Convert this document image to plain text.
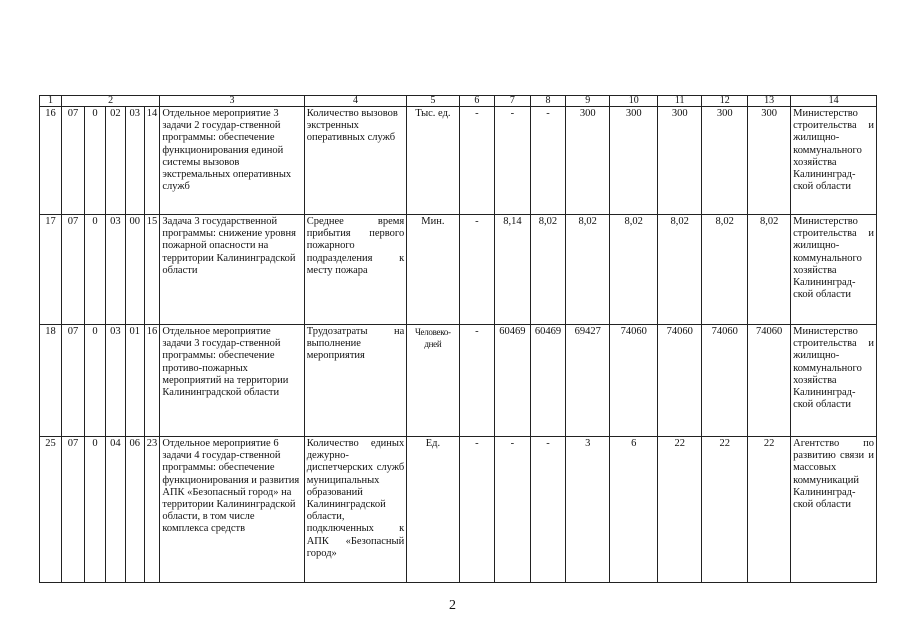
1	2					3	4	5	6	7	8	9	10	11	12	13	14
16	07	0	02	03	14	Отдельное мероприятие 3 задачи 2 государ-ственной программы: обеспечение функционирования единой системы вызовов экстремальных оперативных служб	Количество вызовов экстренных оперативных служб	Тыс. ед.	-	-	-	300	300	300	300	300	Министерство строительства и жилищно-коммунального хозяйства Калининград-ской области
17	07	0	03	00	15	Задача 3 государственной программы: снижение уровня пожарной опасности на территории Калининградской области	Среднее время прибытия первого пожарного подразделения к месту пожара	Мин.	-	8,14	8,02	8,02	8,02	8,02	8,02	8,02	Министерство строительства и жилищно-коммунального хозяйства Калининград-ской области
18	07	0	03	01	16	Отдельное мероприятие задачи 3 государ-ственной программы: обеспечение противо-пожарных мероприятий на территории Калининградской области	Трудозатраты на выполнение мероприятия	Человеко-дней	-	60469	60469	69427	74060	74060	74060	74060	Министерство строительства и жилищно-коммунального хозяйства Калининград-ской области
25	07	0	04	06	23	Отдельное мероприятие 6 задачи 4 государ-ственной программы: обеспечение функционирования и развития АПК «Безопасный город» на территории Калининградской области, в том числе комплекса средств	Количество единых дежурно-диспетчерских служб муниципальных образований Калининградской области, подключенных к АПК «Безопасный город»	Ед.	-	-	-	3	6	22	22	22	Агентство по развитию связи и массовых коммуникаций Калининград-ской области
2
